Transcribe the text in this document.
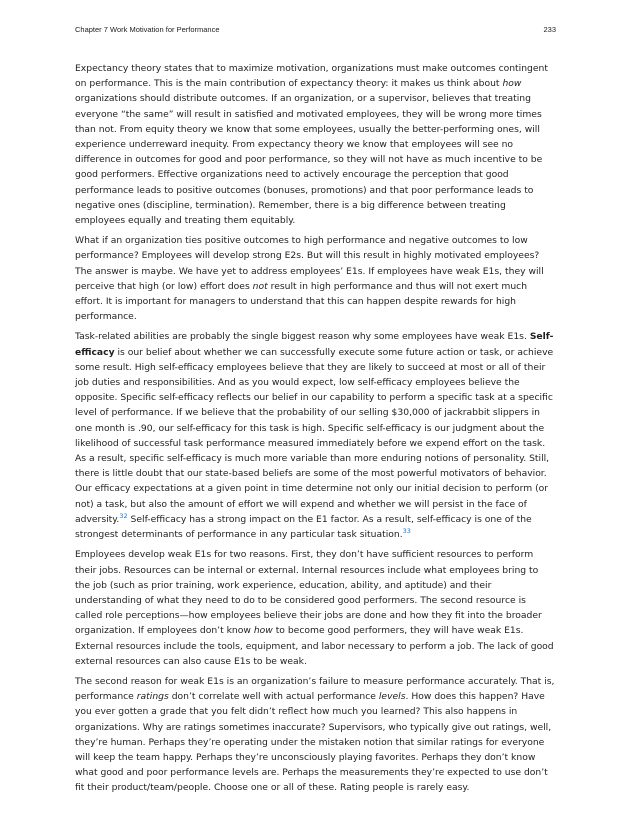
Chapter 7 Work Motivation for Performance	233

Expectancy theory states that to maximize motivation, organizations must make outcomes contingent on performance. This is the main contribution of expectancy theory: it makes us think about how organizations should distribute outcomes. If an organization, or a supervisor, believes that treating everyone “the same” will result in satisfied and motivated employees, they will be wrong more times than not. From equity theory we know that some employees, usually the better-performing ones, will experience underreward inequity. From expectancy theory we know that employees will see no difference in outcomes for good and poor performance, so they will not have as much incentive to be good performers. Effective organizations need to actively encourage the perception that good performance leads to positive outcomes (bonuses, promotions) and that poor performance leads to negative ones (discipline, termination). Remember, there is a big difference between treating employees equally and treating them equitably.

What if an organization ties positive outcomes to high performance and negative outcomes to low performance? Employees will develop strong E2s. But will this result in highly motivated employees? The answer is maybe. We have yet to address employees’ E1s. If employees have weak E1s, they will perceive that high (or low) effort does not result in high performance and thus will not exert much effort. It is important for managers to understand that this can happen despite rewards for high performance.

Task-related abilities are probably the single biggest reason why some employees have weak E1s. Self-efficacy is our belief about whether we can successfully execute some future action or task, or achieve some result. High self-efficacy employees believe that they are likely to succeed at most or all of their job duties and responsibilities. And as you would expect, low self-efficacy employees believe the opposite. Specific self-efficacy reflects our belief in our capability to perform a specific task at a specific level of performance. If we believe that the probability of our selling $30,000 of jackrabbit slippers in one month is .90, our self-efficacy for this task is high. Specific self-efficacy is our judgment about the likelihood of successful task performance measured immediately before we expend effort on the task. As a result, specific self-efficacy is much more variable than more enduring notions of personality. Still, there is little doubt that our state-based beliefs are some of the most powerful motivators of behavior. Our efficacy expectations at a given point in time determine not only our initial decision to perform (or not) a task, but also the amount of effort we will expend and whether we will persist in the face of adversity.$^{32}$ Self-efficacy has a strong impact on the E1 factor. As a result, self-efficacy is one of the strongest determinants of performance in any particular task situation.$^{33}$

Employees develop weak E1s for two reasons. First, they don’t have sufficient resources to perform their jobs. Resources can be internal or external. Internal resources include what employees bring to the job (such as prior training, work experience, education, ability, and aptitude) and their understanding of what they need to do to be considered good performers. The second resource is called role perceptions—how employees believe their jobs are done and how they fit into the broader organization. If employees don’t know how to become good performers, they will have weak E1s. External resources include the tools, equipment, and labor necessary to perform a job. The lack of good external resources can also cause E1s to be weak.

The second reason for weak E1s is an organization’s failure to measure performance accurately. That is, performance ratings don’t correlate well with actual performance levels. How does this happen? Have you ever gotten a grade that you felt didn’t reflect how much you learned? This also happens in organizations. Why are ratings sometimes inaccurate? Supervisors, who typically give out ratings, well, they’re human. Perhaps they’re operating under the mistaken notion that similar ratings for everyone will keep the team happy. Perhaps they’re unconsciously playing favorites. Perhaps they don’t know what good and poor performance levels are. Perhaps the measurements they’re expected to use don’t fit their product/team/people. Choose one or all of these. Rating people is rarely easy.
